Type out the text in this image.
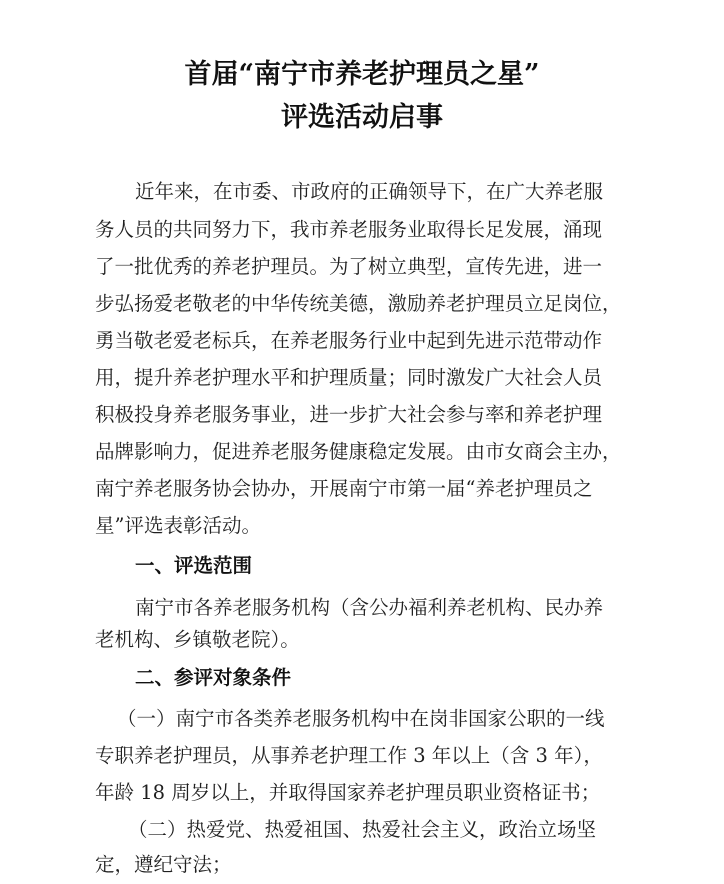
首届“南宁市养老护理员之星”
评选活动启事
近年来，在市委、市政府的正确领导下，在广大养老服
务人员的共同努力下，我市养老服务业取得长足发展，涌现
了一批优秀的养老护理员。为了树立典型，宣传先进，进一
步弘扬爱老敬老的中华传统美德，激励养老护理员立足岗位，
勇当敬老爱老标兵，在养老服务行业中起到先进示范带动作
用，提升养老护理水平和护理质量；同时激发广大社会人员
积极投身养老服务事业，进一步扩大社会参与率和养老护理
品牌影响力，促进养老服务健康稳定发展。由市女商会主办，
南宁养老服务协会协办，开展南宁市第一届“养老护理员之
星”评选表彰活动。
一、评选范围
南宁市各养老服务机构（含公办福利养老机构、民办养
老机构、乡镇敬老院）。
二、参评对象条件
（一）南宁市各类养老服务机构中在岗非国家公职的一线
专职养老护理员，从事养老护理工作 3 年以上（含 3 年），
年龄 18 周岁以上，并取得国家养老护理员职业资格证书；
（二）热爱党、热爱祖国、热爱社会主义，政治立场坚
定，遵纪守法；
